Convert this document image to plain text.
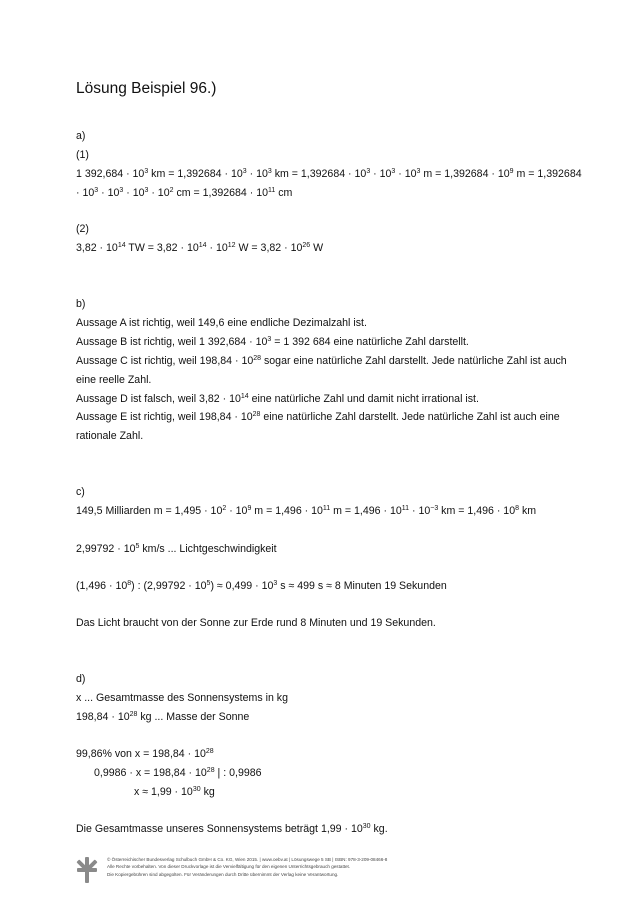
Lösung Beispiel 96.)
a)
(1)
1 $392,684 \cdot 10^3$ km = $1,392684 \cdot 10^3 \cdot 10^3$ km = $1,392684 \cdot 10^3 \cdot 10^3 \cdot 10^3$ $m = 1,392684 \cdot 10^9$ m = 1,392684
· $10^3 \cdot 10^3 \cdot 10^3 \cdot 10^2$ cm = $1,392684 \cdot 10^{11}$ cm
(2)
$3,82 \cdot 10^{14}$ TW = $3,82 \cdot 10^{14} \cdot 10^{12}$ $W = 3,82 \cdot 10^{26}$ W
b)
Aussage A ist richtig, weil 149,6 eine endliche Dezimalzahl ist.
Aussage B ist richtig, weil 1 $392,684 \cdot 10^3 = 1$ 392 684 eine natürliche Zahl darstellt.
Aussage C ist richtig, weil $198,84 \cdot 10^{28}$ sogar eine natürliche Zahl darstellt. Jede natürliche Zahl ist auch
eine reelle Zahl.
Aussage D ist falsch, weil $3,82 \cdot 10^{14}$ eine natürliche Zahl und damit nicht irrational ist.
Aussage E ist richtig, weil $198,84 \cdot 10^{28}$ eine natürliche Zahl darstellt. Jede natürliche Zahl ist auch eine
rationale Zahl.
c)
149,5 Milliarden $m = 1,495 \cdot 10^2 \cdot 10^9$ $m = 1,496 \cdot 10^{11}$ $m = 1,496 \cdot 10^{11} \cdot 10^{-3}$ km = $1,496 \cdot 10^8$ km
$2,99792 \cdot 10^5$ km/s ... Lichtgeschwindigkeit
$(1,496 \cdot 10^8)$ : $(2,99792 \cdot 10^5) \approx 0,499 \cdot 10^3$ s ≈ 499 s ≈ 8 Minuten 19 Sekunden
Das Licht braucht von der Sonne zur Erde rund 8 Minuten und 19 Sekunden.
d)
x ... Gesamtmasse des Sonnensystems in kg
$198,84 \cdot 10^{28}$ kg ... Masse der Sonne
99,86% von $x = 198,84 \cdot 10^{28}$
$0,9986 \cdot x = 198,84 \cdot 10^{28}$ | : 0,9986
$x \approx 1,99 \cdot 10^{30}$ kg
Die Gesamtmasse unseres Sonnensystems beträgt $1,99 \cdot 10^{30}$ kg.
© Österreichischer Bundesverlag Schulbuch GmbH & Co. KG, Wien 2015. | www.oebv.at | Lösungswege 5 SB | ISBN: 978-3-209-08466-8
Alle Rechte vorbehalten. Von dieser Druckvorlage ist die Vervielfältigung für den eigenen Unterrichtsgebrauch gestattet.
Die Kopiergebühren sind abgegolten. Für Veränderungen durch Dritte übernimmt der Verlag keine Verantwortung.
